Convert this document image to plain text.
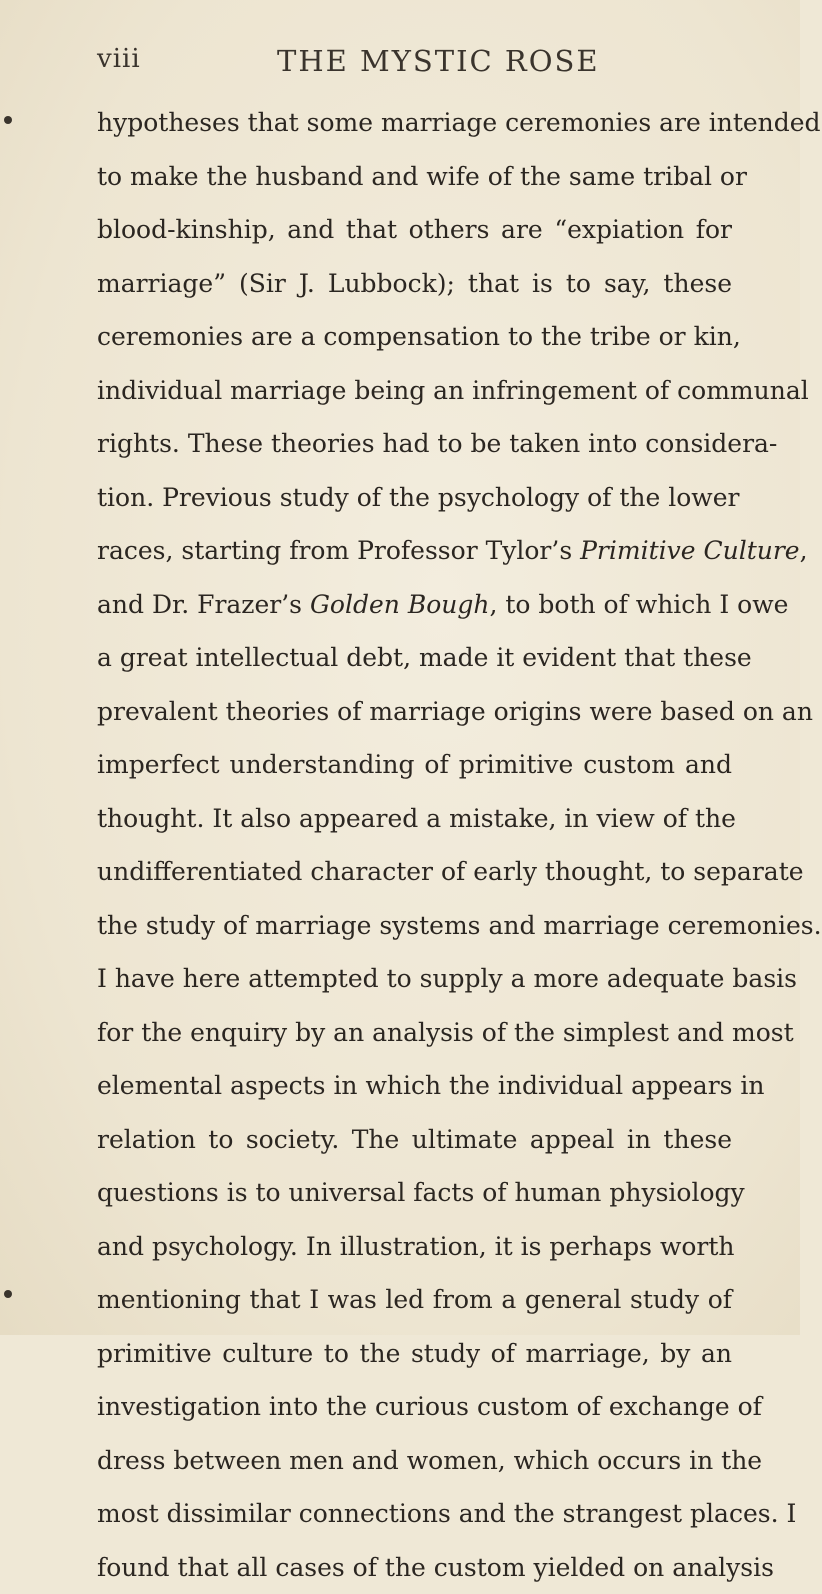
viii	THE MYSTIC ROSE
hypotheses that some marriage ceremonies are intended
to make the husband and wife of the same tribal or
blood-kinship, and that others are “expiation for
marriage” (Sir J. Lubbock); that is to say, these
ceremonies are a compensation to the tribe or kin,
individual marriage being an infringement of communal
rights. These theories had to be taken into considera-
tion. Previous study of the psychology of the lower
races, starting from Professor Tylor’s Primitive Culture,
and Dr. Frazer’s Golden Bough, to both of which I owe
a great intellectual debt, made it evident that these
prevalent theories of marriage origins were based on an
imperfect understanding of primitive custom and
thought. It also appeared a mistake, in view of the
undifferentiated character of early thought, to separate
the study of marriage systems and marriage ceremonies.
I have here attempted to supply a more adequate basis
for the enquiry by an analysis of the simplest and most
elemental aspects in which the individual appears in
relation to society. The ultimate appeal in these
questions is to universal facts of human physiology
and psychology. In illustration, it is perhaps worth
mentioning that I was led from a general study of
primitive culture to the study of marriage, by an
investigation into the curious custom of exchange of
dress between men and women, which occurs in the
most dissimilar connections and the strangest places. I
found that all cases of the custom yielded on analysis
